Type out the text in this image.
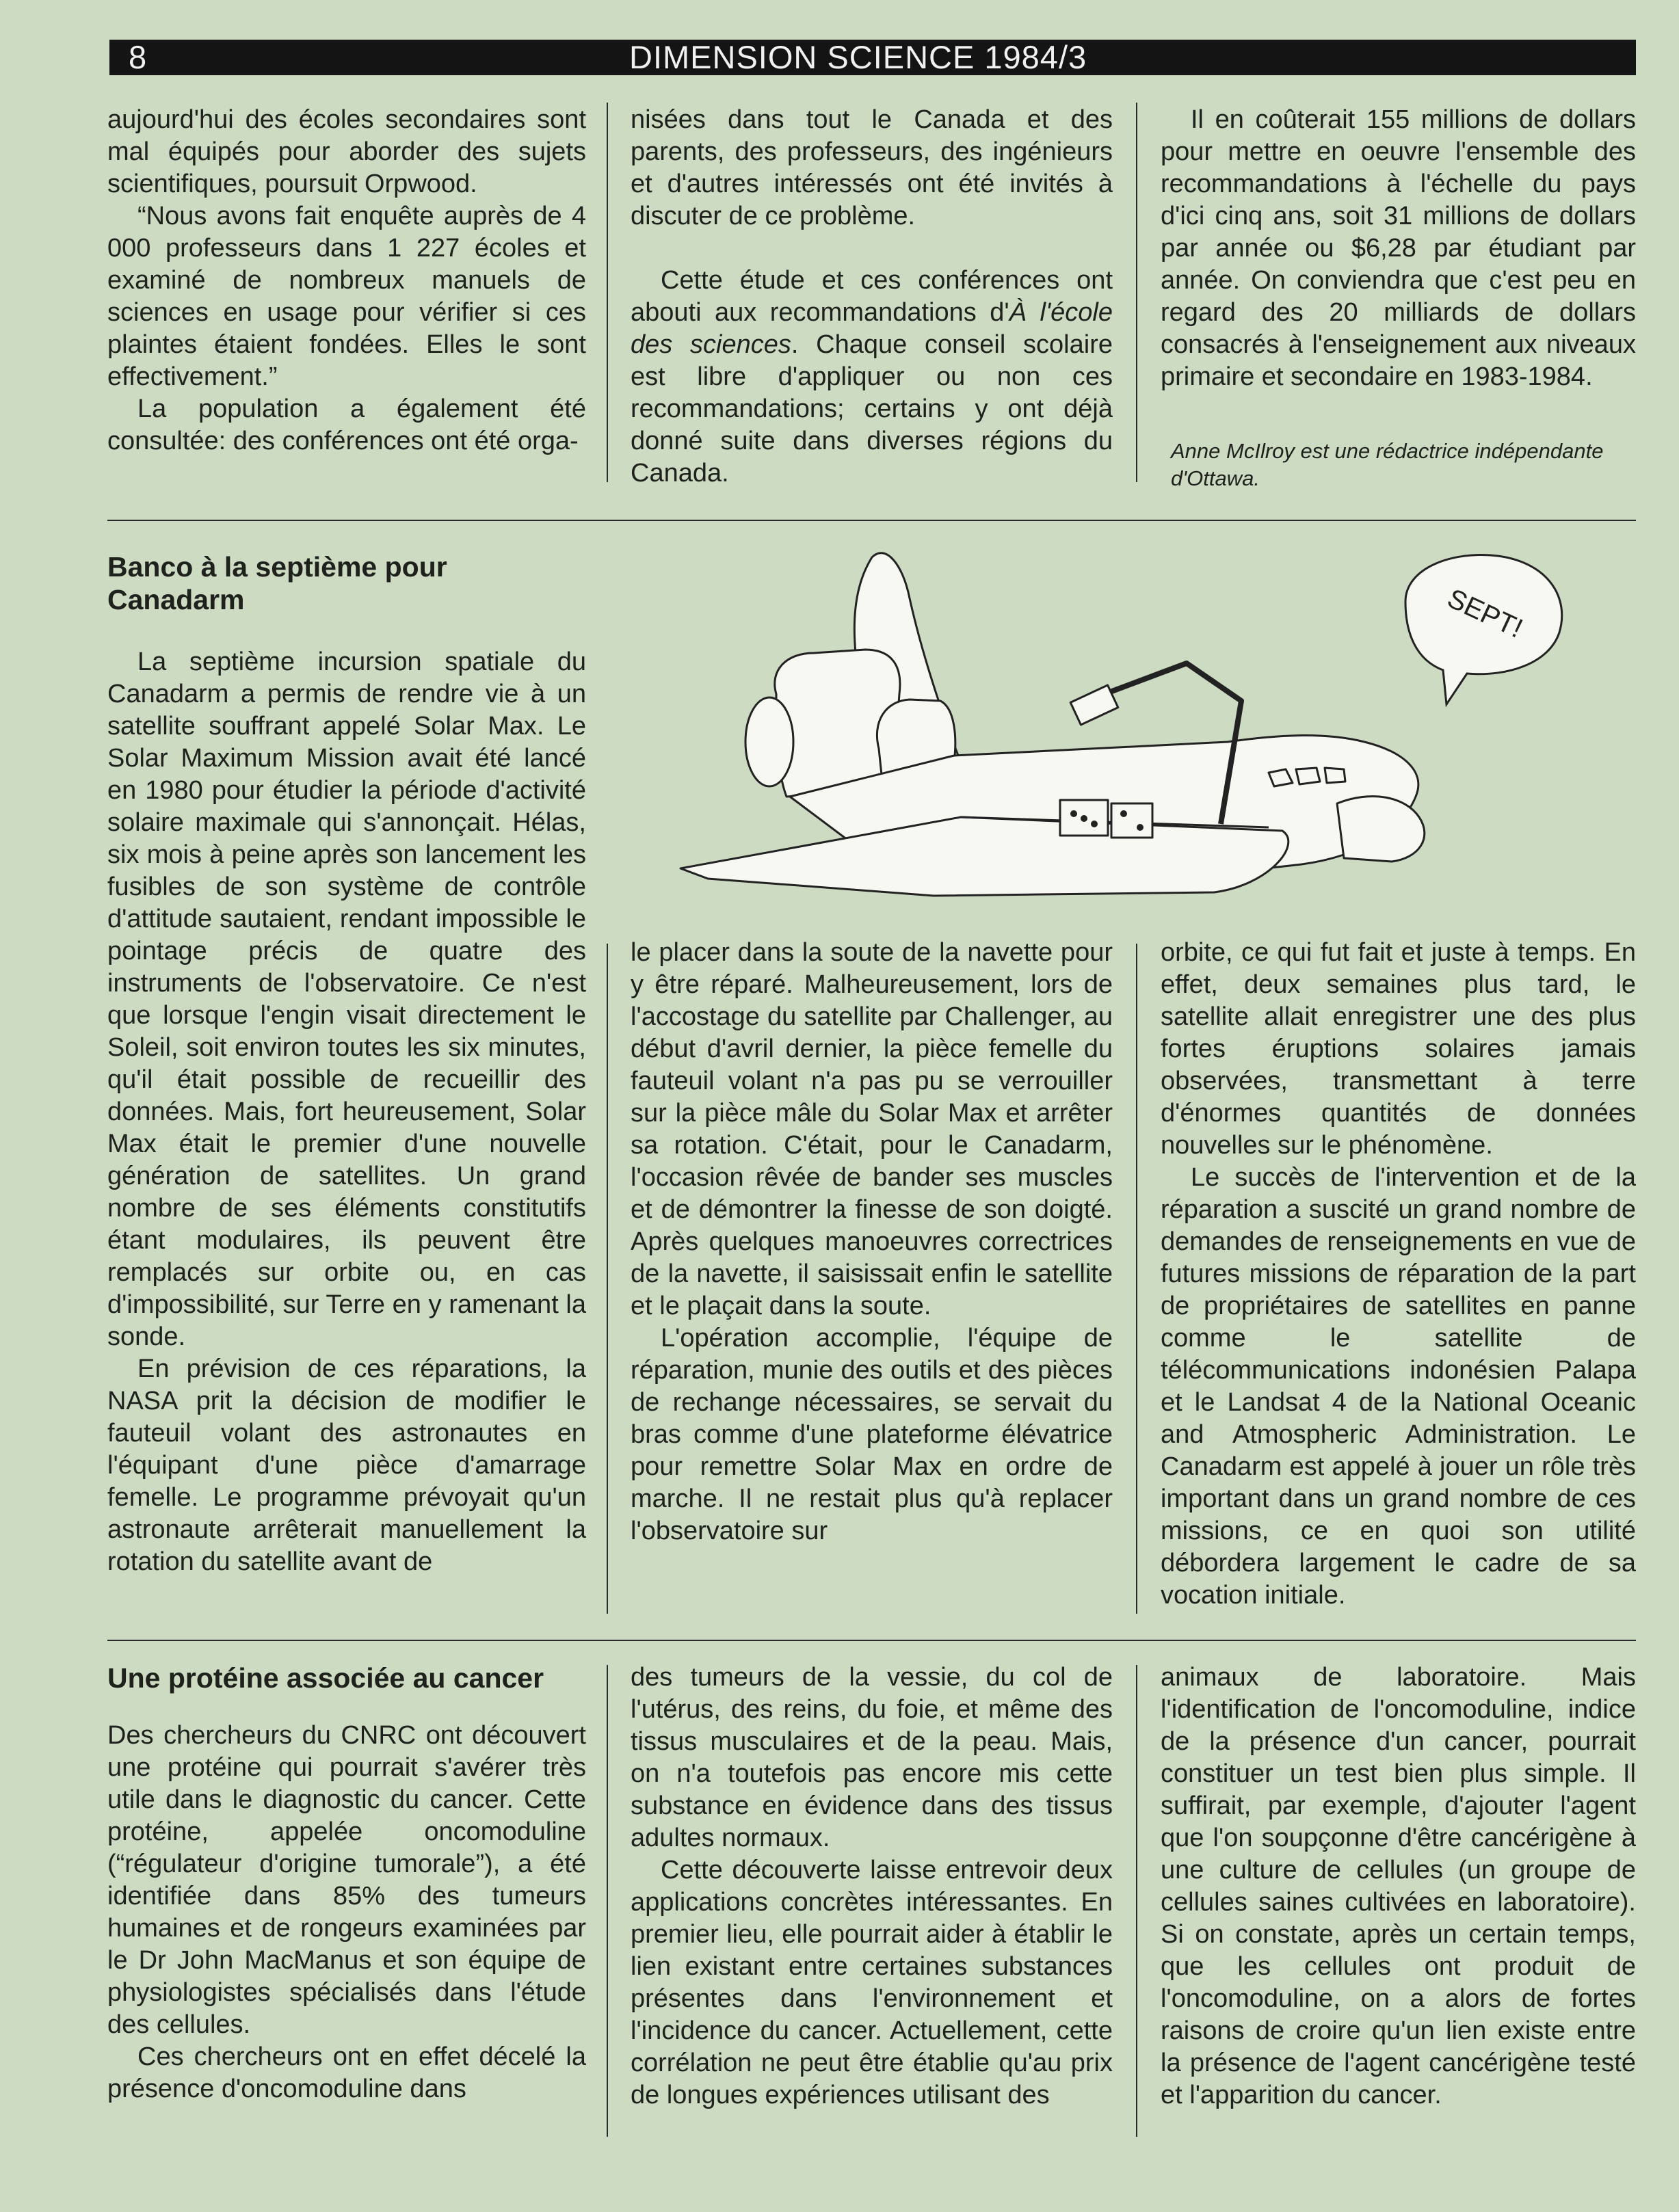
8	DIMENSION SCIENCE 1984/3

aujourd'hui des écoles secondaires sont mal équipés pour aborder des sujets scientifiques, poursuit Orpwood.

“Nous avons fait enquête auprès de 4 000 professeurs dans 1 227 écoles et examiné de nombreux manuels de sciences en usage pour vérifier si ces plaintes étaient fondées. Elles le sont effectivement.”

La population a également été consultée: des conférences ont été orga-

nisées dans tout le Canada et des parents, des professeurs, des ingénieurs et d'autres intéressés ont été invités à discuter de ce problème.

Cette étude et ces conférences ont abouti aux recommandations d'À l'école des sciences. Chaque conseil scolaire est libre d'appliquer ou non ces recommandations; certains y ont déjà donné suite dans diverses régions du Canada.

Il en coûterait 155 millions de dollars pour mettre en oeuvre l'ensemble des recommandations à l'échelle du pays d'ici cinq ans, soit 31 millions de dollars par année ou $6,28 par étudiant par année. On conviendra que c'est peu en regard des 20 milliards de dollars consacrés à l'enseignement aux niveaux primaire et secondaire en 1983-1984.

Anne McIlroy est une rédactrice indépendante d'Ottawa.

Banco à la septième pour
Canadarm	SEPT!

La septième incursion spatiale du Canadarm a permis de rendre vie à un satellite souffrant appelé Solar Max. Le Solar Maximum Mission avait été lancé en 1980 pour étudier la période d'activité solaire maximale qui s'annonçait. Hélas, six mois à peine après son lancement les fusibles de son système de contrôle d'attitude sautaient, rendant impossible le pointage précis de quatre des instruments de l'observatoire. Ce n'est que lorsque l'engin visait directement le Soleil, soit environ toutes les six minutes, qu'il était possible de recueillir des données. Mais, fort heureusement, Solar Max était le premier d'une nouvelle génération de satellites. Un grand nombre de ses éléments constitutifs étant modulaires, ils peuvent être remplacés sur orbite ou, en cas d'impossibilité, sur Terre en y ramenant la sonde.

En prévision de ces réparations, la NASA prit la décision de modifier le fauteuil volant des astronautes en l'équipant d'une pièce d'amarrage femelle. Le programme prévoyait qu'un astronaute arrêterait manuellement la rotation du satellite avant de

le placer dans la soute de la navette pour y être réparé. Malheureusement, lors de l'accostage du satellite par Challenger, au début d'avril dernier, la pièce femelle du fauteuil volant n'a pas pu se verrouiller sur la pièce mâle du Solar Max et arrêter sa rotation. C'était, pour le Canadarm, l'occasion rêvée de bander ses muscles et de démontrer la finesse de son doigté. Après quelques manoeuvres correctrices de la navette, il saisissait enfin le satellite et le plaçait dans la soute.

L'opération accomplie, l'équipe de réparation, munie des outils et des pièces de rechange nécessaires, se servait du bras comme d'une plateforme élévatrice pour remettre Solar Max en ordre de marche. Il ne restait plus qu'à replacer l'observatoire sur

orbite, ce qui fut fait et juste à temps. En effet, deux semaines plus tard, le satellite allait enregistrer une des plus fortes éruptions solaires jamais observées, transmettant à terre d'énormes quantités de données nouvelles sur le phénomène.

Le succès de l'intervention et de la réparation a suscité un grand nombre de demandes de renseignements en vue de futures missions de réparation de la part de propriétaires de satellites en panne comme le satellite de télécommunications indonésien Palapa et le Landsat 4 de la National Oceanic and Atmospheric Administration. Le Canadarm est appelé à jouer un rôle très important dans un grand nombre de ces missions, ce en quoi son utilité débordera largement le cadre de sa vocation initiale.

Une protéine associée au cancer

Des chercheurs du CNRC ont découvert une protéine qui pourrait s'avérer très utile dans le diagnostic du cancer. Cette protéine, appelée oncomoduline (“régulateur d'origine tumorale”), a été identifiée dans 85% des tumeurs humaines et de rongeurs examinées par le Dr John MacManus et son équipe de physiologistes spécialisés dans l'étude des cellules.

Ces chercheurs ont en effet décelé la présence d'oncomoduline dans

des tumeurs de la vessie, du col de l'utérus, des reins, du foie, et même des tissus musculaires et de la peau. Mais, on n'a toutefois pas encore mis cette substance en évidence dans des tissus adultes normaux.

Cette découverte laisse entrevoir deux applications concrètes intéressantes. En premier lieu, elle pourrait aider à établir le lien existant entre certaines substances présentes dans l'environnement et l'incidence du cancer. Actuellement, cette corrélation ne peut être établie qu'au prix de longues expériences utilisant des

animaux de laboratoire. Mais l'identification de l'oncomoduline, indice de la présence d'un cancer, pourrait constituer un test bien plus simple. Il suffirait, par exemple, d'ajouter l'agent que l'on soupçonne d'être cancérigène à une culture de cellules (un groupe de cellules saines cultivées en laboratoire). Si on constate, après un certain temps, que les cellules ont produit de l'oncomoduline, on a alors de fortes raisons de croire qu'un lien existe entre la présence de l'agent cancérigène testé et l'apparition du cancer.
